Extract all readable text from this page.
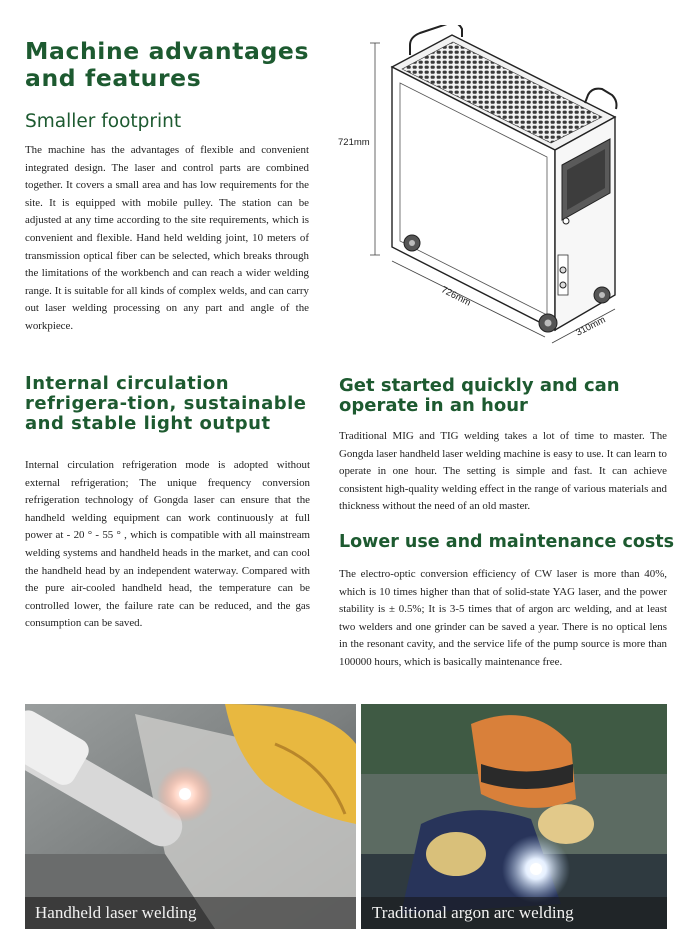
Machine advantages and features
Smaller footprint

The machine has the advantages of flexible and convenient integrated design. The laser and control parts are combined together. It covers a small area and has low requirements for the site. It is equipped with mobile pulley. The station can be adjusted at any time according to the site requirements, which is convenient and flexible. Hand held welding joint, 10 meters of transmission optical fiber can be selected, which breaks through the limitations of the workbench and can reach a wider welding range. It is suitable for all kinds of complex welds, and can carry out laser welding processing on any part and angle of the workpiece.

721mm
726mm
310mm
Internal circulation refrigera-tion, sustainable and stable light output

Internal circulation refrigeration mode is adopted without external refrigeration; The unique frequency conversion refrigeration technology of Gongda laser can ensure that the handheld welding equipment can work continuously at full power at - 20 ° - 55 ° , which is compatible with all mainstream welding systems and handheld heads in the market, and can cool the handheld head by an independent waterway. Compared with the pure air-cooled handheld head, the temperature can be controlled lower, the failure rate can be reduced, and the gas consumption can be saved.

Get started quickly and can operate in an hour

Traditional MIG and TIG welding takes a lot of time to master. The Gongda laser handheld laser welding machine is easy to use. It can learn to operate in one hour. The setting is simple and fast. It can achieve consistent high-quality welding effect in the range of various materials and thickness without the need of an old master.

Lower use and maintenance costs

The electro-optic conversion efficiency of CW laser is more than 40%, which is 10 times higher than that of solid-state YAG laser, and the power stability is ± 0.5%; It is 3-5 times that of argon arc welding, and at least two welders and one grinder can be saved a year. There is no optical lens in the resonant cavity, and the service life of the pump source is more than 100000 hours, which is basically maintenance free.

Handheld laser welding	Traditional argon arc welding
